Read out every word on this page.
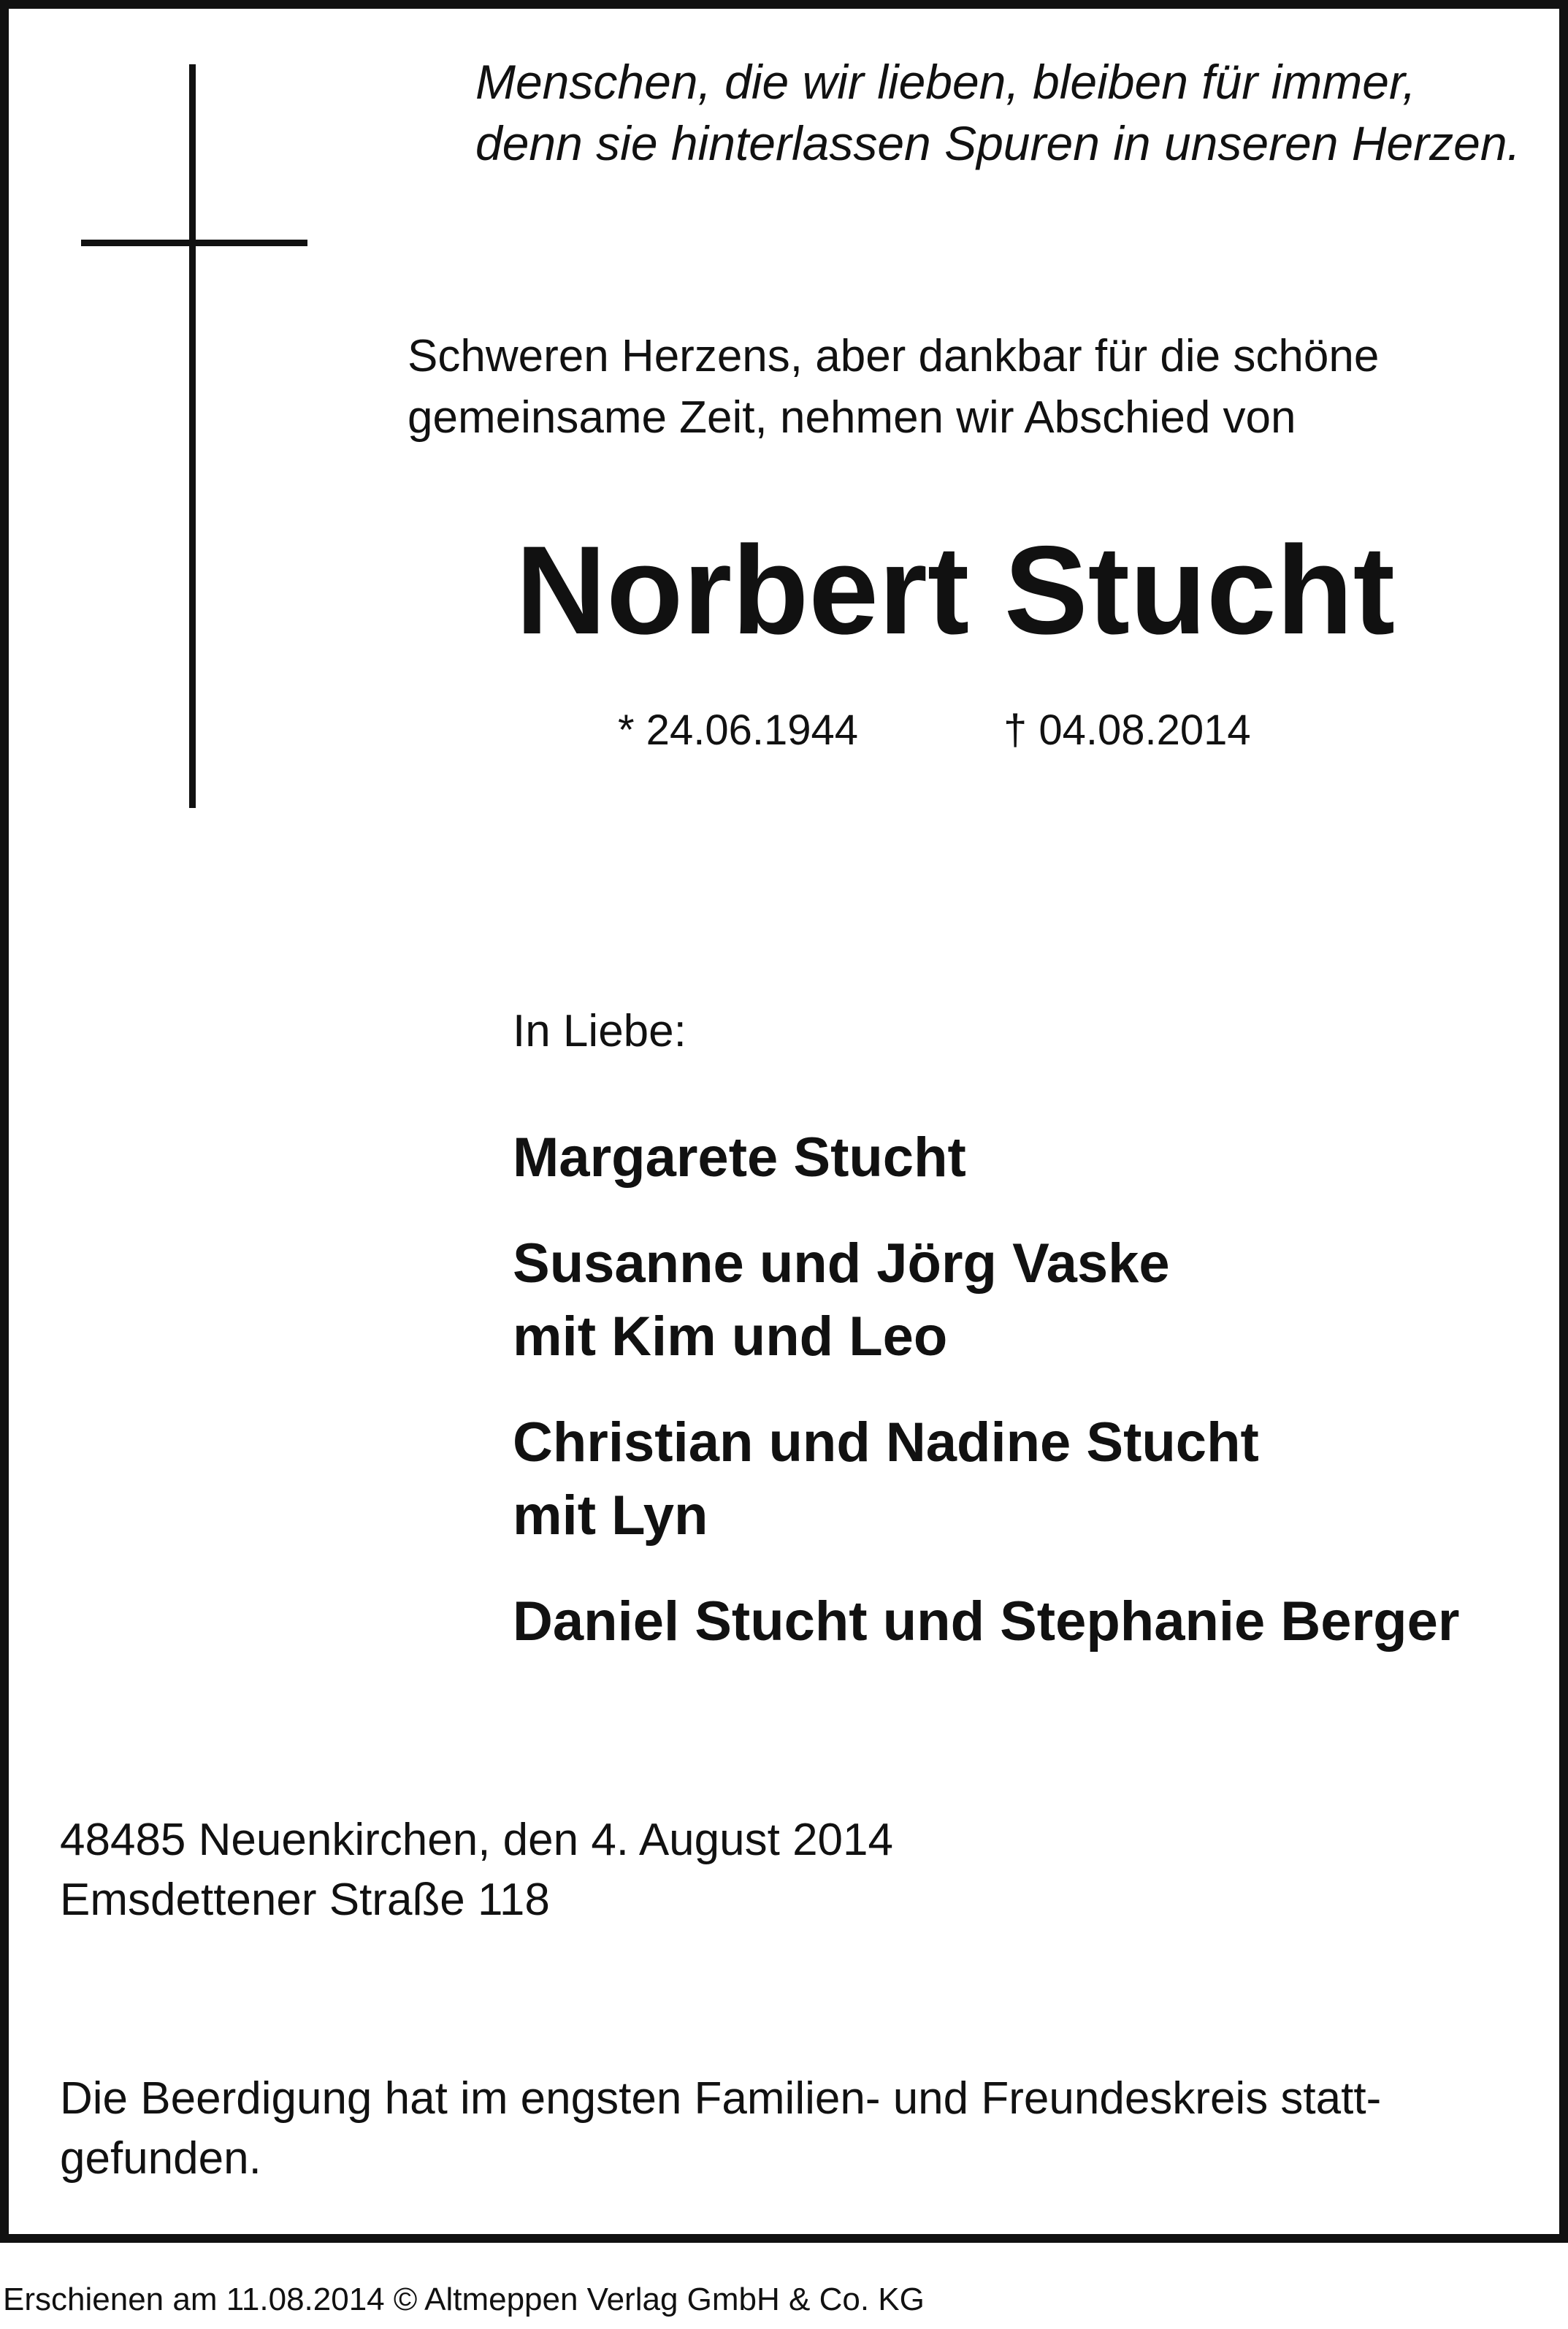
Menschen, die wir lieben, bleiben für immer,
denn sie hinterlassen Spuren in unseren Herzen.
Schweren Herzens, aber dankbar für die schöne
gemeinsame Zeit, nehmen wir Abschied von
Norbert Stucht
* 24.06.1944	† 04.08.2014
In Liebe:
Margarete Stucht
Susanne und Jörg Vaske
mit Kim und Leo
Christian und Nadine Stucht
mit Lyn
Daniel Stucht und Stephanie Berger
48485 Neuenkirchen, den 4. August 2014
Emsdettener Straße 118
Die Beerdigung hat im engsten Familien- und Freundeskreis statt-
gefunden.
Erschienen am 11.08.2014 © Altmeppen Verlag GmbH & Co. KG
